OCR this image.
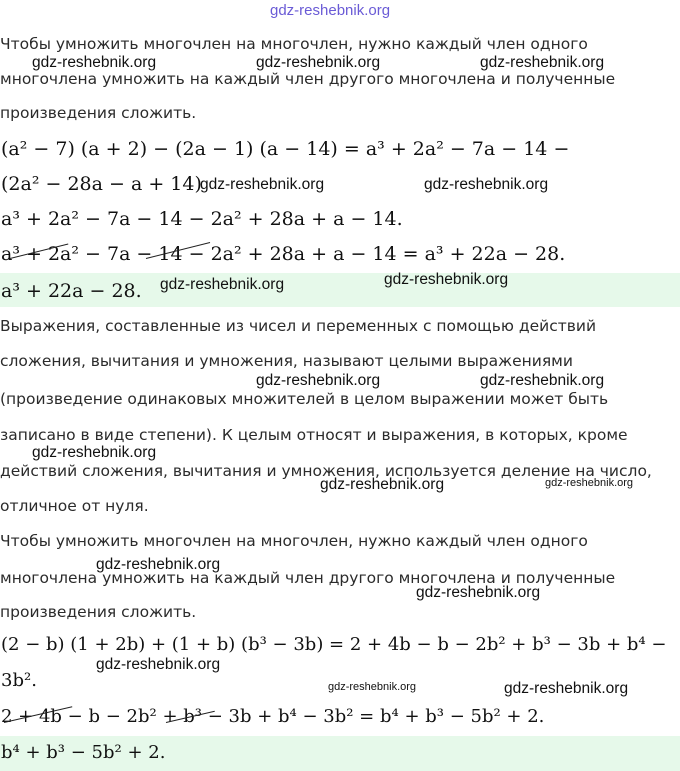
gdz-reshebnik.org
Чтобы умножить многочлен на многочлен, нужно каждый член одного
многочлена умножить на каждый член другого многочлена и полученные
произведения сложить.
(a² − 7) (a + 2) − (2a − 1) (a − 14) = a³ + 2a² − 7a − 14 −
(2a² − 28a − a + 14)
a³ + 2a² − 7a − 14 − 2a² + 28a + a − 14.
a³ + 2a² − 7a − 14 − 2a² + 28a + a − 14 = a³ + 22a − 28.
a³ + 22a − 28.
Выражения, составленные из чисел и переменных с помощью действий
сложения, вычитания и умножения, называют целыми выражениями
(произведение одинаковых множителей в целом выражении может быть
записано в виде степени). К целым относят и выражения, в которых, кроме
действий сложения, вычитания и умножения, используется деление на число,
отличное от нуля.
Чтобы умножить многочлен на многочлен, нужно каждый член одного
многочлена умножить на каждый член другого многочлена и полученные
произведения сложить.
(2 − b) (1 + 2b) + (1 + b) (b³ − 3b) = 2 + 4b − b − 2b² + b³ − 3b + b⁴ −
3b².
2 + 4b − b − 2b² + b³ − 3b + b⁴ − 3b² = b⁴ + b³ − 5b² + 2.
b⁴ + b³ − 5b² + 2.
gdz-reshebnik.org	gdz-reshebnik.org	gdz-reshebnik.org
gdz-reshebnik.org	gdz-reshebnik.org
gdz-reshebnik.org	gdz-reshebnik.org
gdz-reshebnik.org	gdz-reshebnik.org
gdz-reshebnik.org
gdz-reshebnik.org	gdz-reshebnik.org
gdz-reshebnik.org
gdz-reshebnik.org
gdz-reshebnik.org
gdz-reshebnik.org	gdz-reshebnik.org
